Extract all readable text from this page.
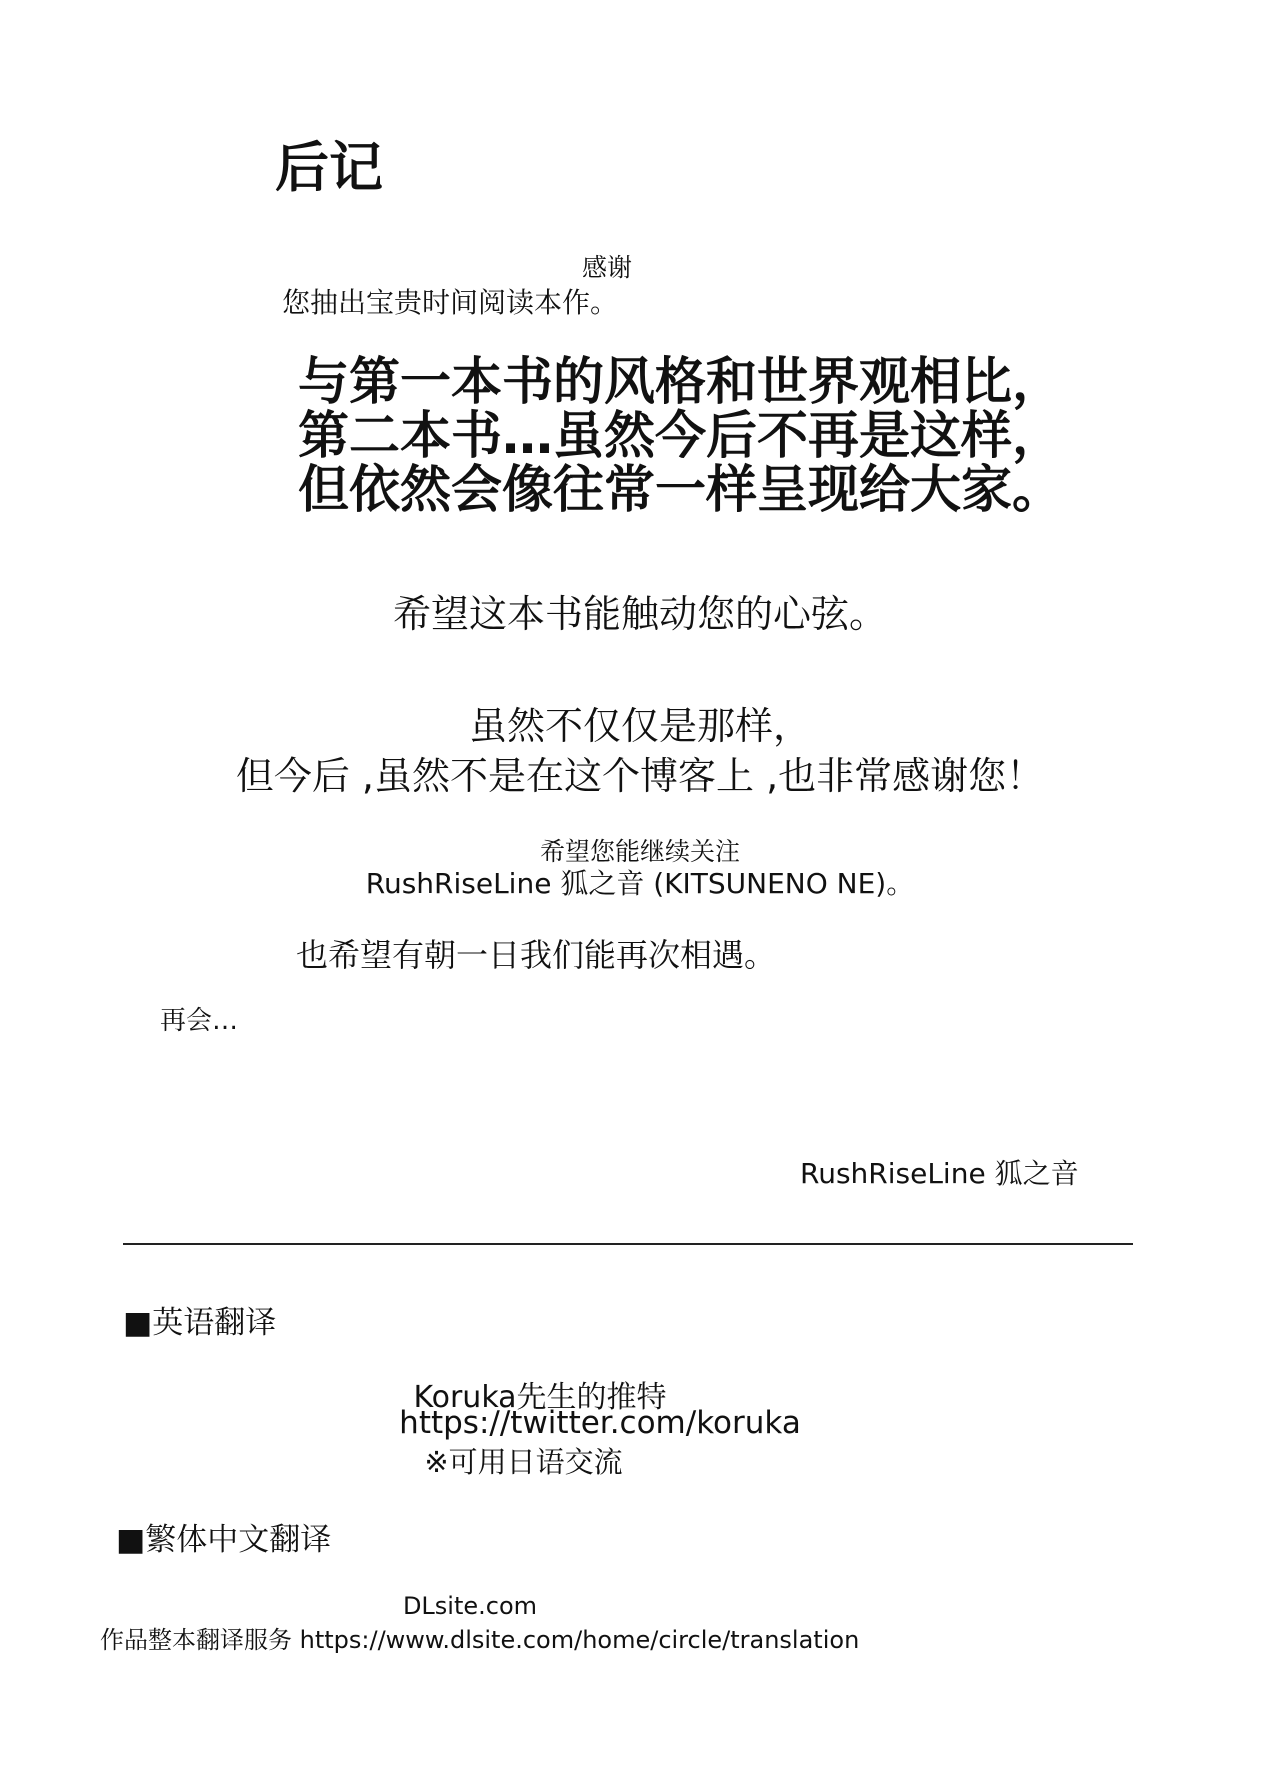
后记
感谢
您抽出宝贵时间阅读本作。
与第一本书的风格和世界观相比，
第二本书…虽然今后不再是这样，
但依然会像往常一样呈现给大家。
希望这本书能触动您的心弦。
虽然不仅仅是那样，
但今后 ,虽然不是在这个博客上 ,也非常感谢您！
希望您能继续关注
RushRiseLine 狐之音 (KITSUNENO NE)。
也希望有朝一日我们能再次相遇。
再会…
RushRiseLine 狐之音
■英语翻译
Koruka先生的推特
https://twitter.com/koruka
※可用日语交流
■繁体中文翻译
DLsite.com
作品整本翻译服务 https://www.dlsite.com/home/circle/translation
